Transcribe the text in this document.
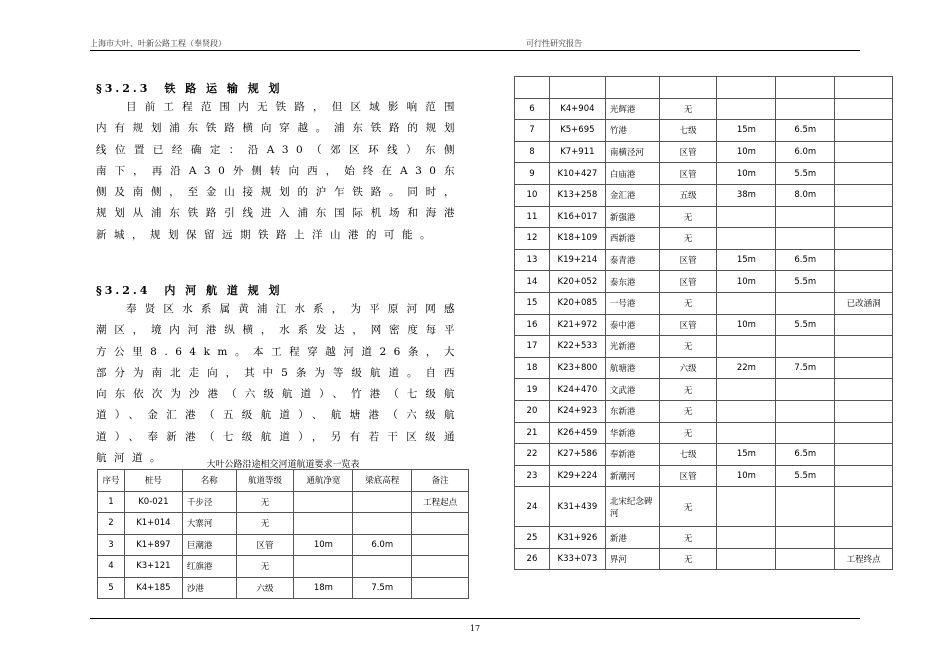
上海市大叶、叶新公路工程（奉贤段）	可行性研究报告
§3.2.3　铁 路 运 输 规 划
目前工程范围内无铁路，但区域影响范围内有规划浦东铁路横向穿越。浦东铁路的规划线位置已经确定：沿A30（郊区环线）东侧南下，再沿A30外侧转向西，始终在A30东侧及南侧，至金山接规划的沪乍铁路。同时，规划从浦东铁路引线进入浦东国际机场和海港新城，规划保留远期铁路上洋山港的可能。
§3.2.4　内 河 航 道 规 划
奉贤区水系属黄浦江水系，为平原河网感潮区，境内河港纵横，水系发达，网密度每平方公里8.64km。本工程穿越河道26条，大部分为南北走向，其中5条为等级航道。自西向东依次为沙港（六级航道）、竹港（七级航道）、金汇港（五级航道）、航塘港（六级航道）、奉新港（七级航道），另有若干区级通航河道。
大叶公路沿途相交河道航道要求一览表
序号	桩号	名称	航道等级	通航净宽	梁底高程	备注
1	K0-021	千步泾	无			工程起点
2	K1+014	大寨河	无			
3	K1+897	巨潮港	区管	10m	6.0m	
4	K3+121	红旗港	无			
5	K4+185	沙港	六级	18m	7.5m	

6	K4+904	光辉港	无			
7	K5+695	竹港	七级	15m	6.5m	
8	K7+911	南横泾河	区管	10m	6.0m	
9	K10+427	白庙港	区管	10m	5.5m	
10	K13+258	金汇港	五级	38m	8.0m	
11	K16+017	新强港	无			
12	K18+109	西新港	无			
13	K19+214	泰青港	区管	15m	6.5m	
14	K20+052	泰东港	区管	10m	5.5m	
15	K20+085	一号港	无			已改涵洞
16	K21+972	泰中港	区管	10m	5.5m	
17	K22+533	光新港	无			
18	K23+800	航塘港	六级	22m	7.5m	
19	K24+470	文武港	无			
20	K24+923	东新港	无			
21	K26+459	华新港	无			
22	K27+586	奉新港	七级	15m	6.5m	
23	K29+224	新潮河	区管	10m	5.5m	
24	K31+439	北宋纪念碑河	无			
25	K31+926	新港	无			
26	K33+073	界河	无			工程终点
17
